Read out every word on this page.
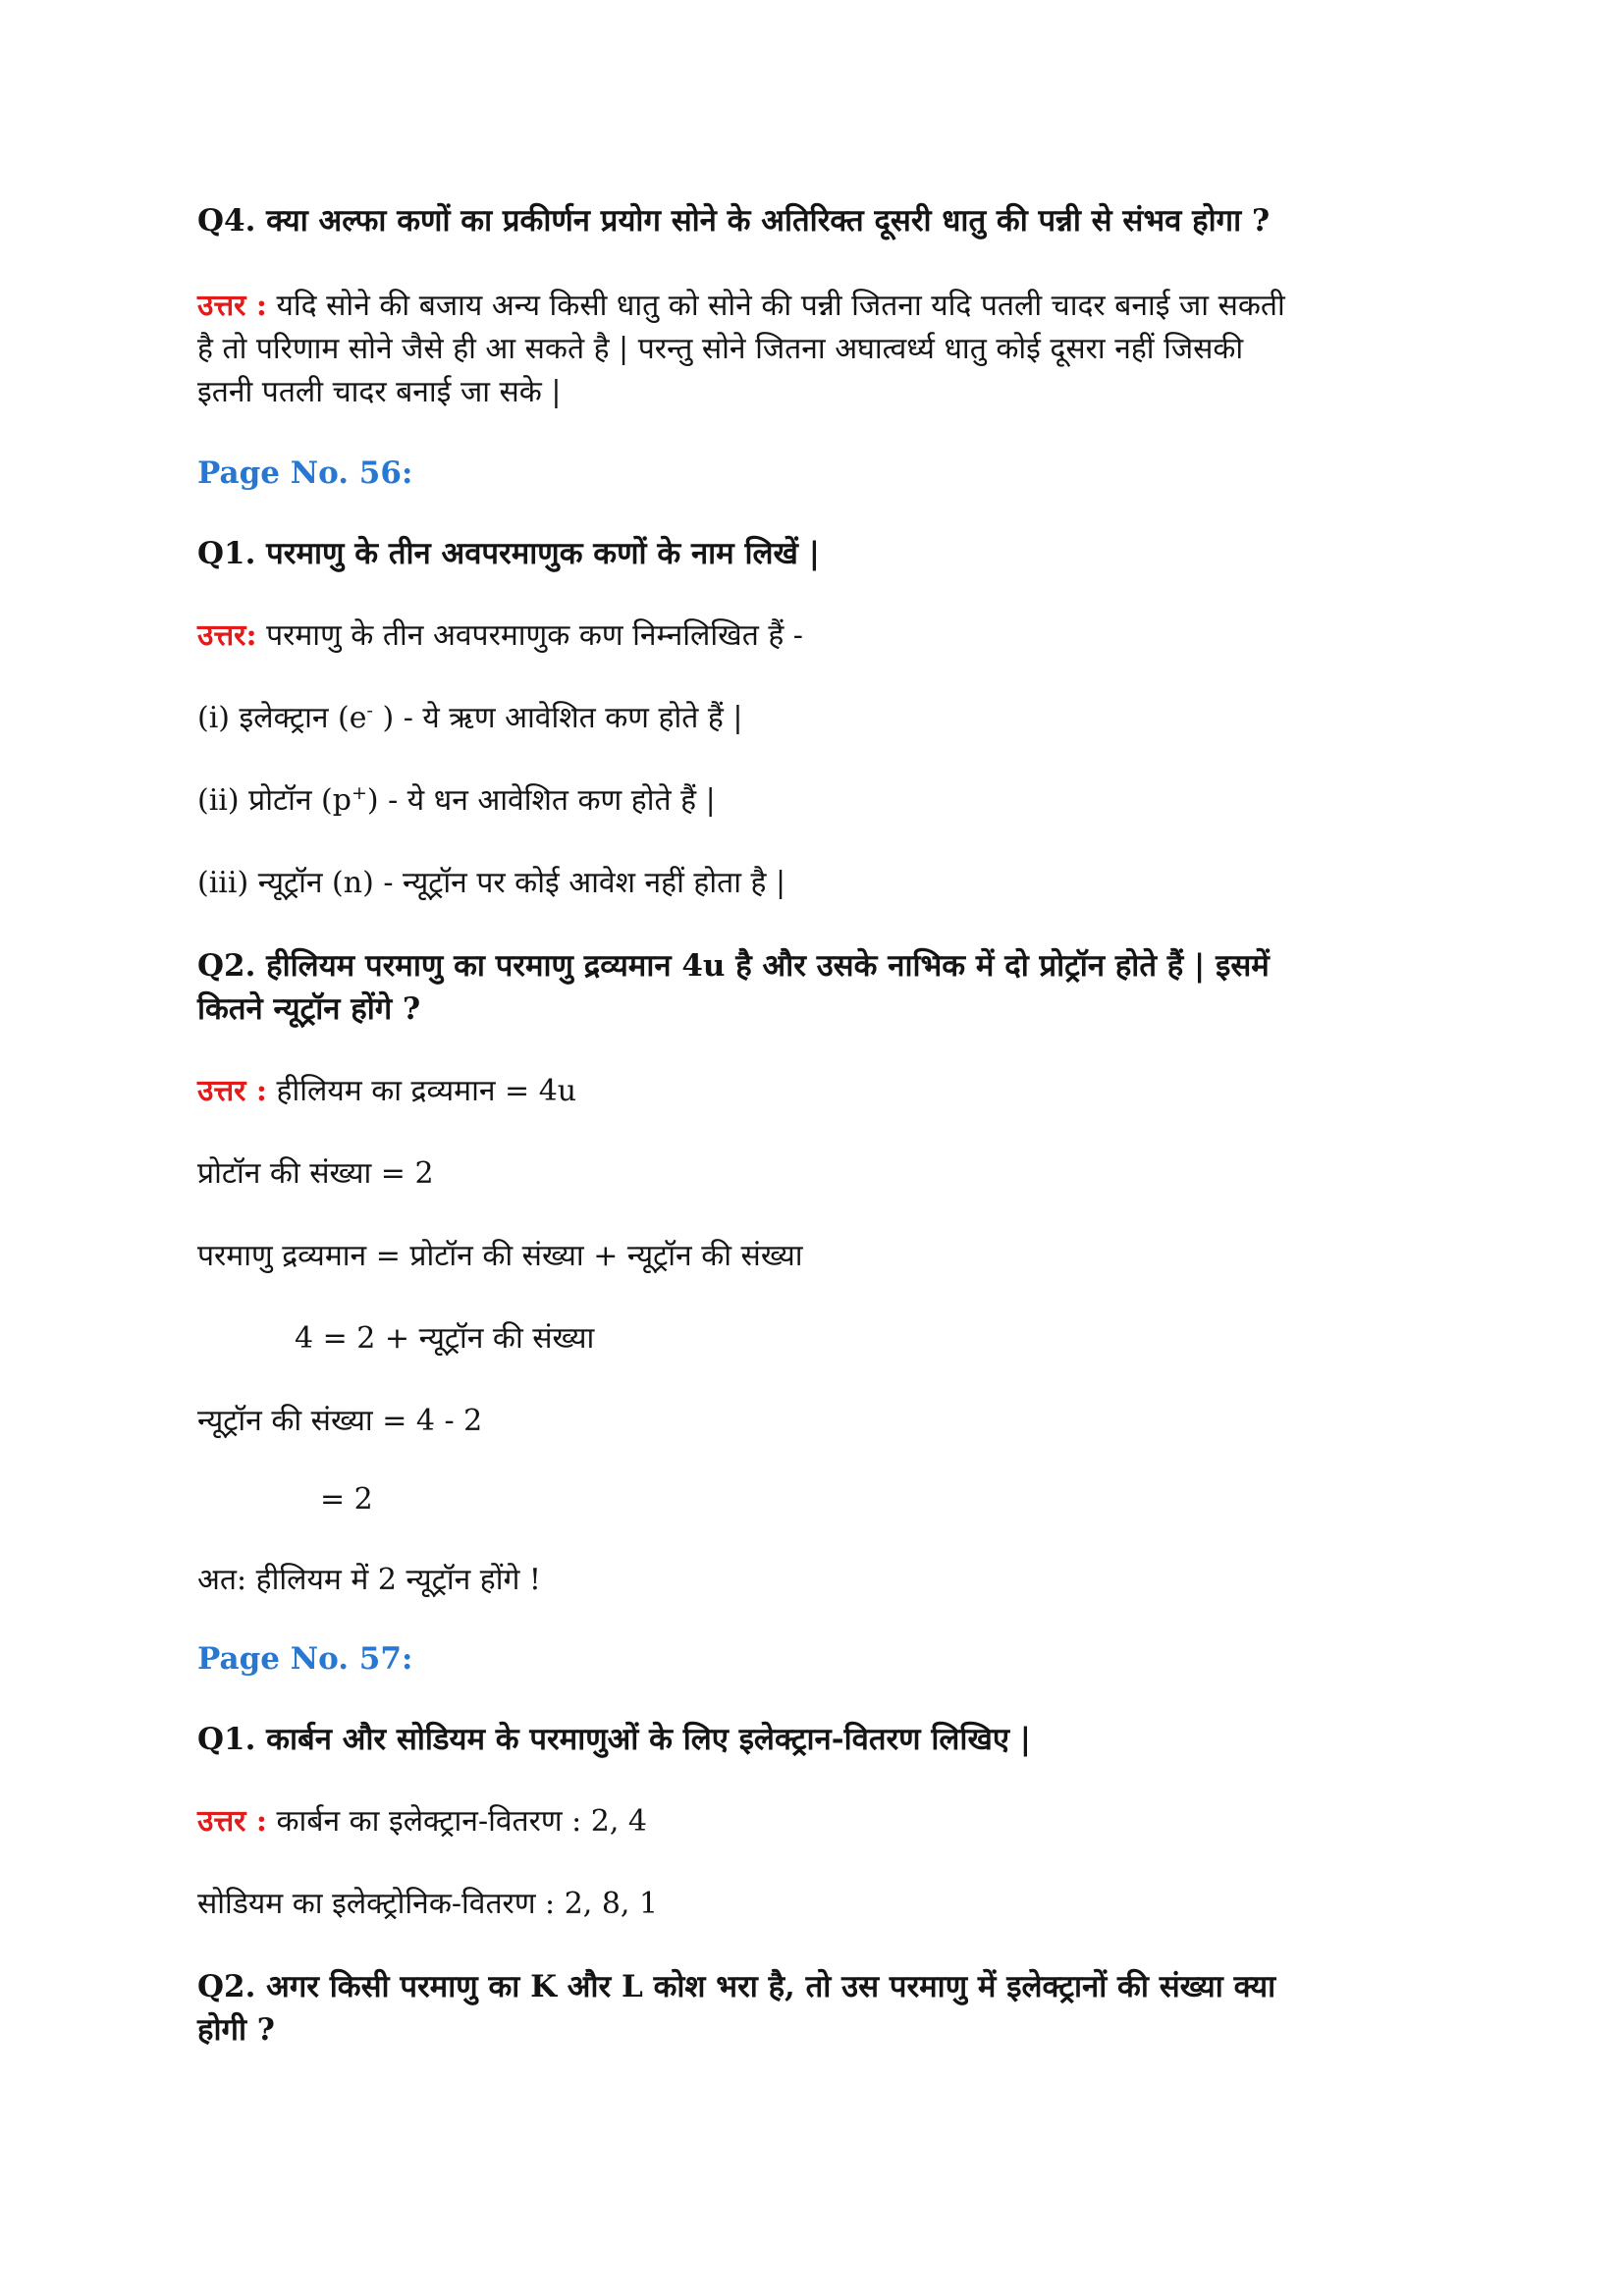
Q4. क्या अल्फा कणों का प्रकीर्णन प्रयोग सोने के अतिरिक्त दूसरी धातु की पन्नी से संभव होगा ?

उत्तर : यदि सोने की बजाय अन्य किसी धातु को सोने की पन्नी जितना यदि पतली चादर बनाई जा सकती

है तो परिणाम सोने जैसे ही आ सकते है | परन्तु सोने जितना अघात्वर्ध्य धातु कोई दूसरा नहीं जिसकी

इतनी पतली चादर बनाई जा सके |

Page No. 56:

Q1. परमाणु के तीन अवपरमाणुक कणों के नाम लिखें |

उत्तर: परमाणु के तीन अवपरमाणुक कण निम्नलिखित हैं -

(i) इलेक्ट्रान (e- ) - ये ऋण आवेशित कण होते हैं |

(ii) प्रोटॉन (p+) - ये धन आवेशित कण होते हैं |

(iii) न्यूट्रॉन (n) - न्यूट्रॉन पर कोई आवेश नहीं होता है |

Q2. हीलियम परमाणु का परमाणु द्रव्यमान 4u है और उसके नाभिक में दो प्रोट्रॉन होते हैं | इसमें

कितने न्यूट्रॉन होंगे ?

उत्तर : हीलियम का द्रव्यमान = 4u

प्रोटॉन की संख्या = 2

परमाणु द्रव्यमान = प्रोटॉन की संख्या + न्यूट्रॉन की संख्या

4 = 2 + न्यूट्रॉन की संख्या

न्यूट्रॉन की संख्या = 4 - 2

= 2

अत: हीलियम में 2 न्यूट्रॉन होंगे !

Page No. 57:

Q1. कार्बन और सोडियम के परमाणुओं के लिए इलेक्ट्रान-वितरण लिखिए |

उत्तर : कार्बन का इलेक्ट्रान-वितरण : 2, 4

सोडियम का इलेक्ट्रोनिक-वितरण : 2, 8, 1

Q2. अगर किसी परमाणु का K और L कोश भरा है, तो उस परमाणु में इलेक्ट्रानों की संख्या क्या

होगी ?
